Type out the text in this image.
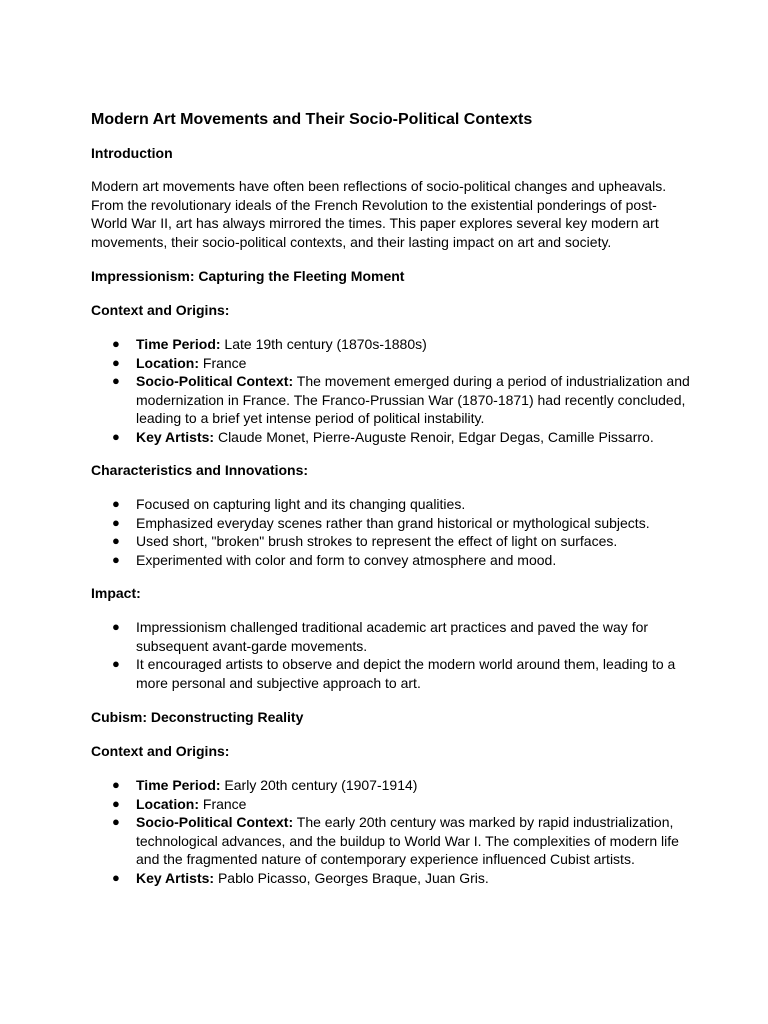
Modern Art Movements and Their Socio-Political Contexts
Introduction

Modern art movements have often been reflections of socio-political changes and upheavals. From the revolutionary ideals of the French Revolution to the existential ponderings of post-World War II, art has always mirrored the times. This paper explores several key modern art movements, their socio-political contexts, and their lasting impact on art and society.

Impressionism: Capturing the Fleeting Moment
Context and Origins:
● Time Period: Late 19th century (1870s-1880s)
● Location: France
● Socio-Political Context: The movement emerged during a period of industrialization and modernization in France. The Franco-Prussian War (1870-1871) had recently concluded, leading to a brief yet intense period of political instability.
● Key Artists: Claude Monet, Pierre-Auguste Renoir, Edgar Degas, Camille Pissarro.
Characteristics and Innovations:
● Focused on capturing light and its changing qualities.
● Emphasized everyday scenes rather than grand historical or mythological subjects.
● Used short, "broken" brush strokes to represent the effect of light on surfaces.
● Experimented with color and form to convey atmosphere and mood.
Impact:
● Impressionism challenged traditional academic art practices and paved the way for subsequent avant-garde movements.
● It encouraged artists to observe and depict the modern world around them, leading to a more personal and subjective approach to art.
Cubism: Deconstructing Reality
Context and Origins:
● Time Period: Early 20th century (1907-1914)
● Location: France
● Socio-Political Context: The early 20th century was marked by rapid industrialization, technological advances, and the buildup to World War I. The complexities of modern life and the fragmented nature of contemporary experience influenced Cubist artists.
● Key Artists: Pablo Picasso, Georges Braque, Juan Gris.
